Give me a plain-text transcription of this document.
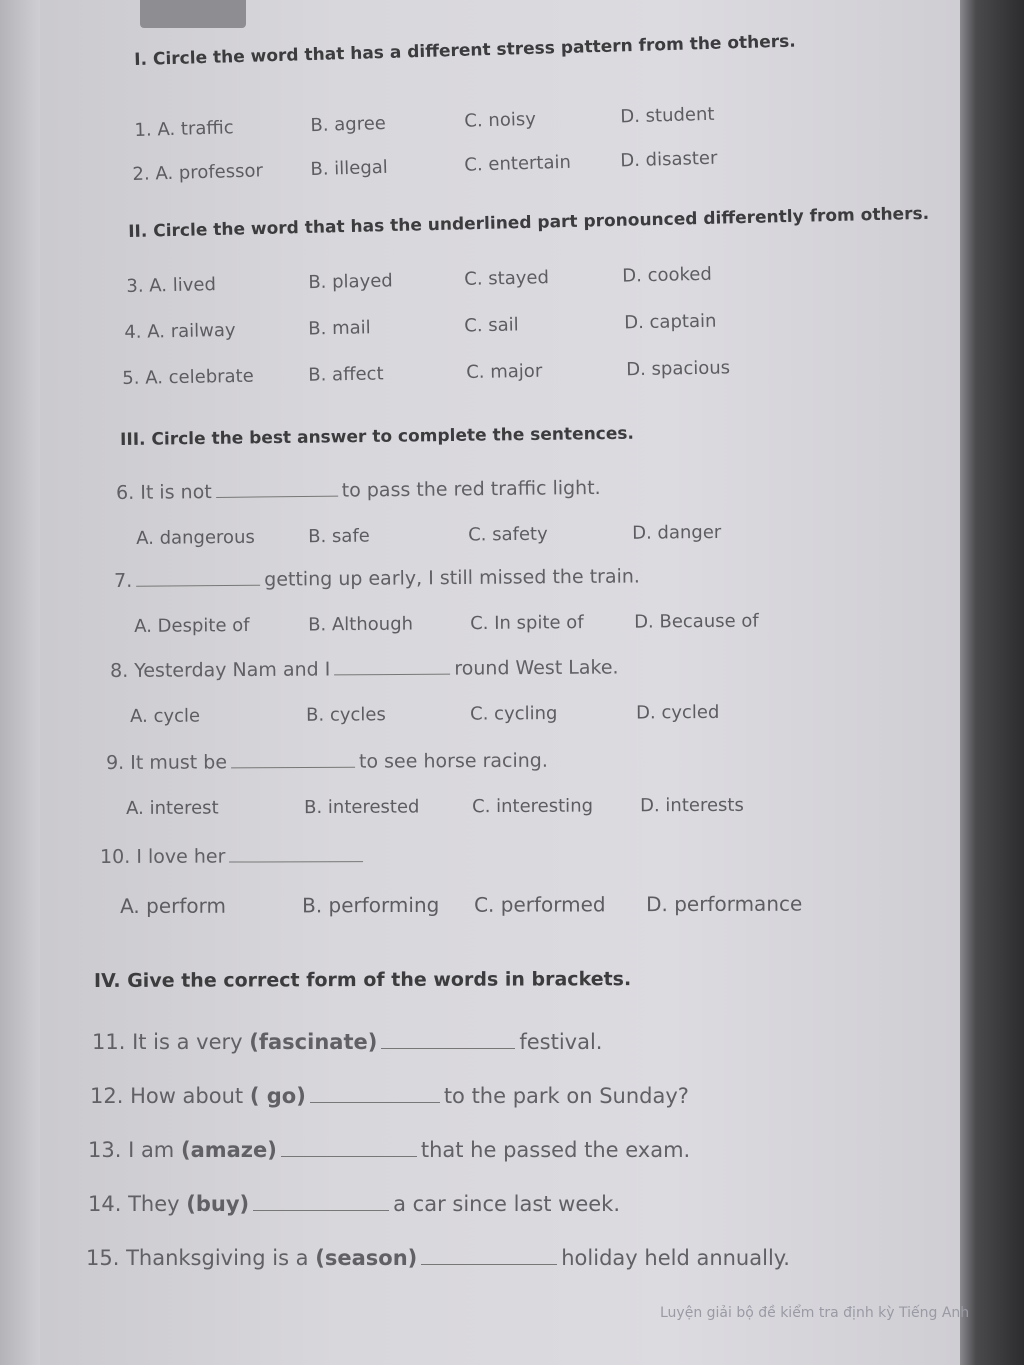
I. Circle the word that has a different stress pattern from the others.
1. A. traffic	B. agree	C. noisy	D. student
2. A. professor	B. illegal	C. entertain	D. disaster
II. Circle the word that has the underlined part pronounced differently from others.
3. A. lived	B. played	C. stayed	D. cooked
4. A. railway	B. mail	C. sail	D. captain
5. A. celebrate	B. affect	C. major	D. spacious
III. Circle the best answer to complete the sentences.
6. It is not	to pass the red traffic light.
A. dangerous	B. safe	C. safety	D. danger
7.	getting up early, I still missed the train.
A. Despite of	B. Although	C. In spite of	D. Because of
8. Yesterday Nam and I	round West Lake.
A. cycle	B. cycles	C. cycling	D. cycled
9. It must be	to see horse racing.
A. interest	B. interested	C. interesting	D. interests
10. I love her
A. perform	B. performing C. performed D. performance
IV. Give the correct form of the words in brackets.
11. It is a very (fascinate)	festival.
12. How about ( go)	to the park on Sunday?
13. I am (amaze)	that he passed the exam.
14. They (buy)	a car since last week.
15. Thanksgiving is a (season)	holiday held annually.
Luyện giải bộ đề kiểm tra định kỳ Tiếng Anh
